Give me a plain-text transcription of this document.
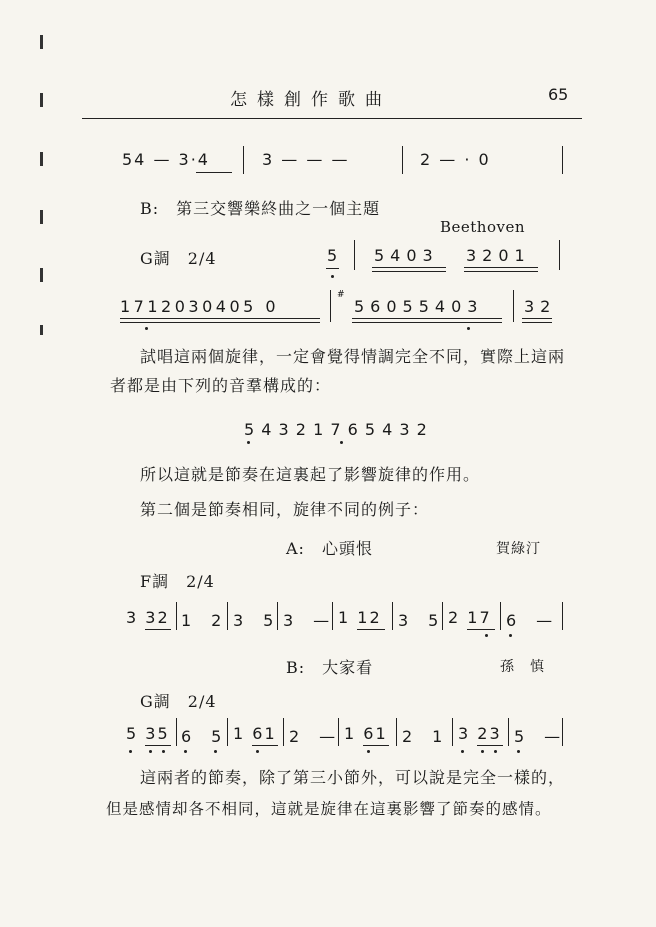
怎樣創作歌曲	65
54 — 3·4	3 — — —	2 — · 0
B:　第三交響樂終曲之一個主題
Beethoven
G調　2/4	5 5403 3201
1712030405 0
#
56055403	32
試唱這兩個旋律，一定會覺得情調完全不同，實際上這兩
者都是由下列的音羣構成的：
5 4 3 2 1 7 6 5 4 3 2
所以這就是節奏在這裏起了影響旋律的作用。
第二個是節奏相同，旋律不同的例子：
A:　心頭恨	賀綠汀
F調　2/4
3 32 1　2 3　5 3　— 1 12 3　5 2 17 6　—
B:　大家看	孫　慎
G調　2/4
5 35 6　5 1 61 2　— 1 61 2　1 3 23 5　—
這兩者的節奏，除了第三小節外，可以說是完全一樣的，
但是感情却各不相同，這就是旋律在這裏影響了節奏的感情。
